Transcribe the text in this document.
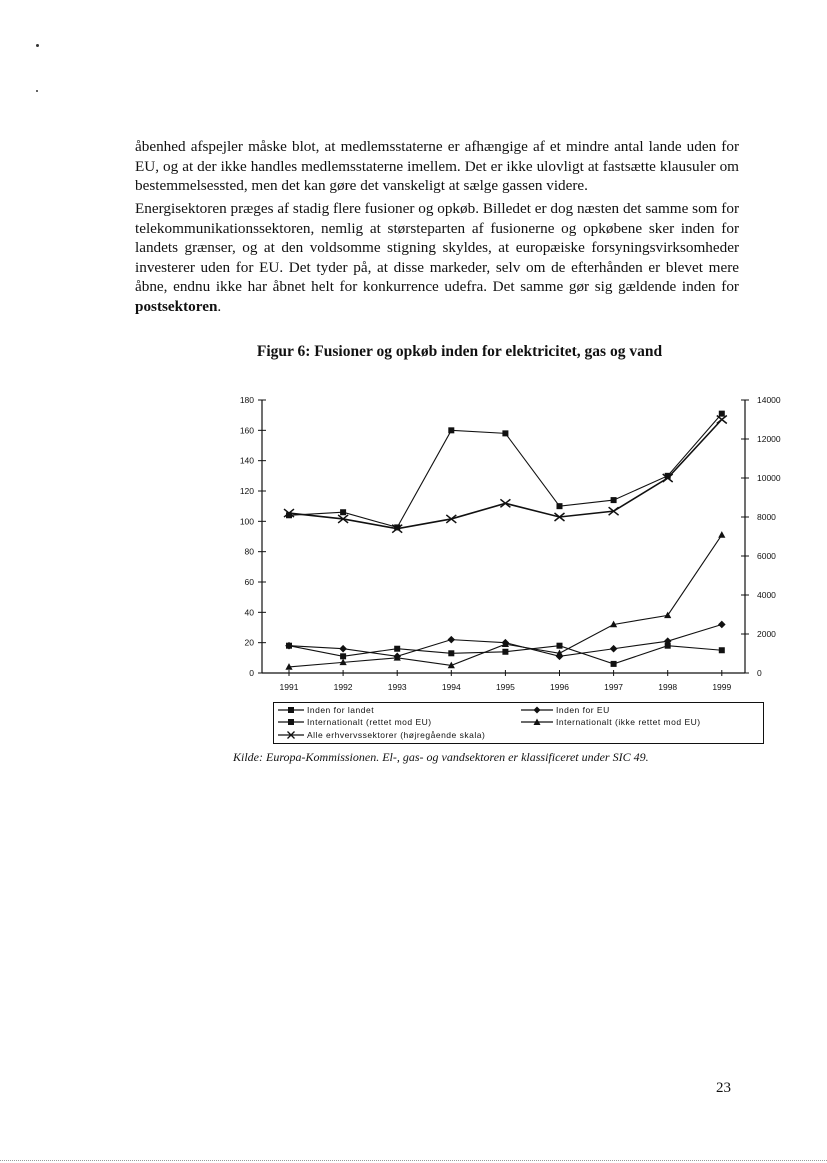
åbenhed afspejler måske blot, at medlemsstaterne er afhængige af et mindre antal lande uden for EU, og at der ikke handles medlemsstaterne imellem. Det er ikke ulovligt at fastsætte klausuler om bestemmelsessted, men det kan gøre det vanskeligt at sælge gassen videre.

Energisektoren præges af stadig flere fusioner og opkøb. Billedet er dog næsten det samme som for telekommunikationssektoren, nemlig at størsteparten af fusionerne og opkøbene sker inden for landets grænser, og at den voldsomme stigning skyldes, at europæiske forsyningsvirksomheder investerer uden for EU. Det tyder på, at disse markeder, selv om de efterhånden er blevet mere åbne, endnu ikke har åbnet helt for konkurrence udefra. Det samme gør sig gældende inden for postsektoren.

Figur 6: Fusioner og opkøb inden for elektricitet, gas og vand

0
20
40
60
80
100
120
140
160
180
0
2000
4000
6000
8000
10000
12000
14000
1991	1992	1993	1994	1995	1996	1997	1998	1999
Inden for landet	Inden for EU
Internationalt (rettet mod EU)	Internationalt (ikke rettet mod EU)
Alle erhvervssektorer (højregående skala)

Kilde: Europa-Kommissionen. El-, gas- og vandsektoren er klassificeret under SIC 49.

23
